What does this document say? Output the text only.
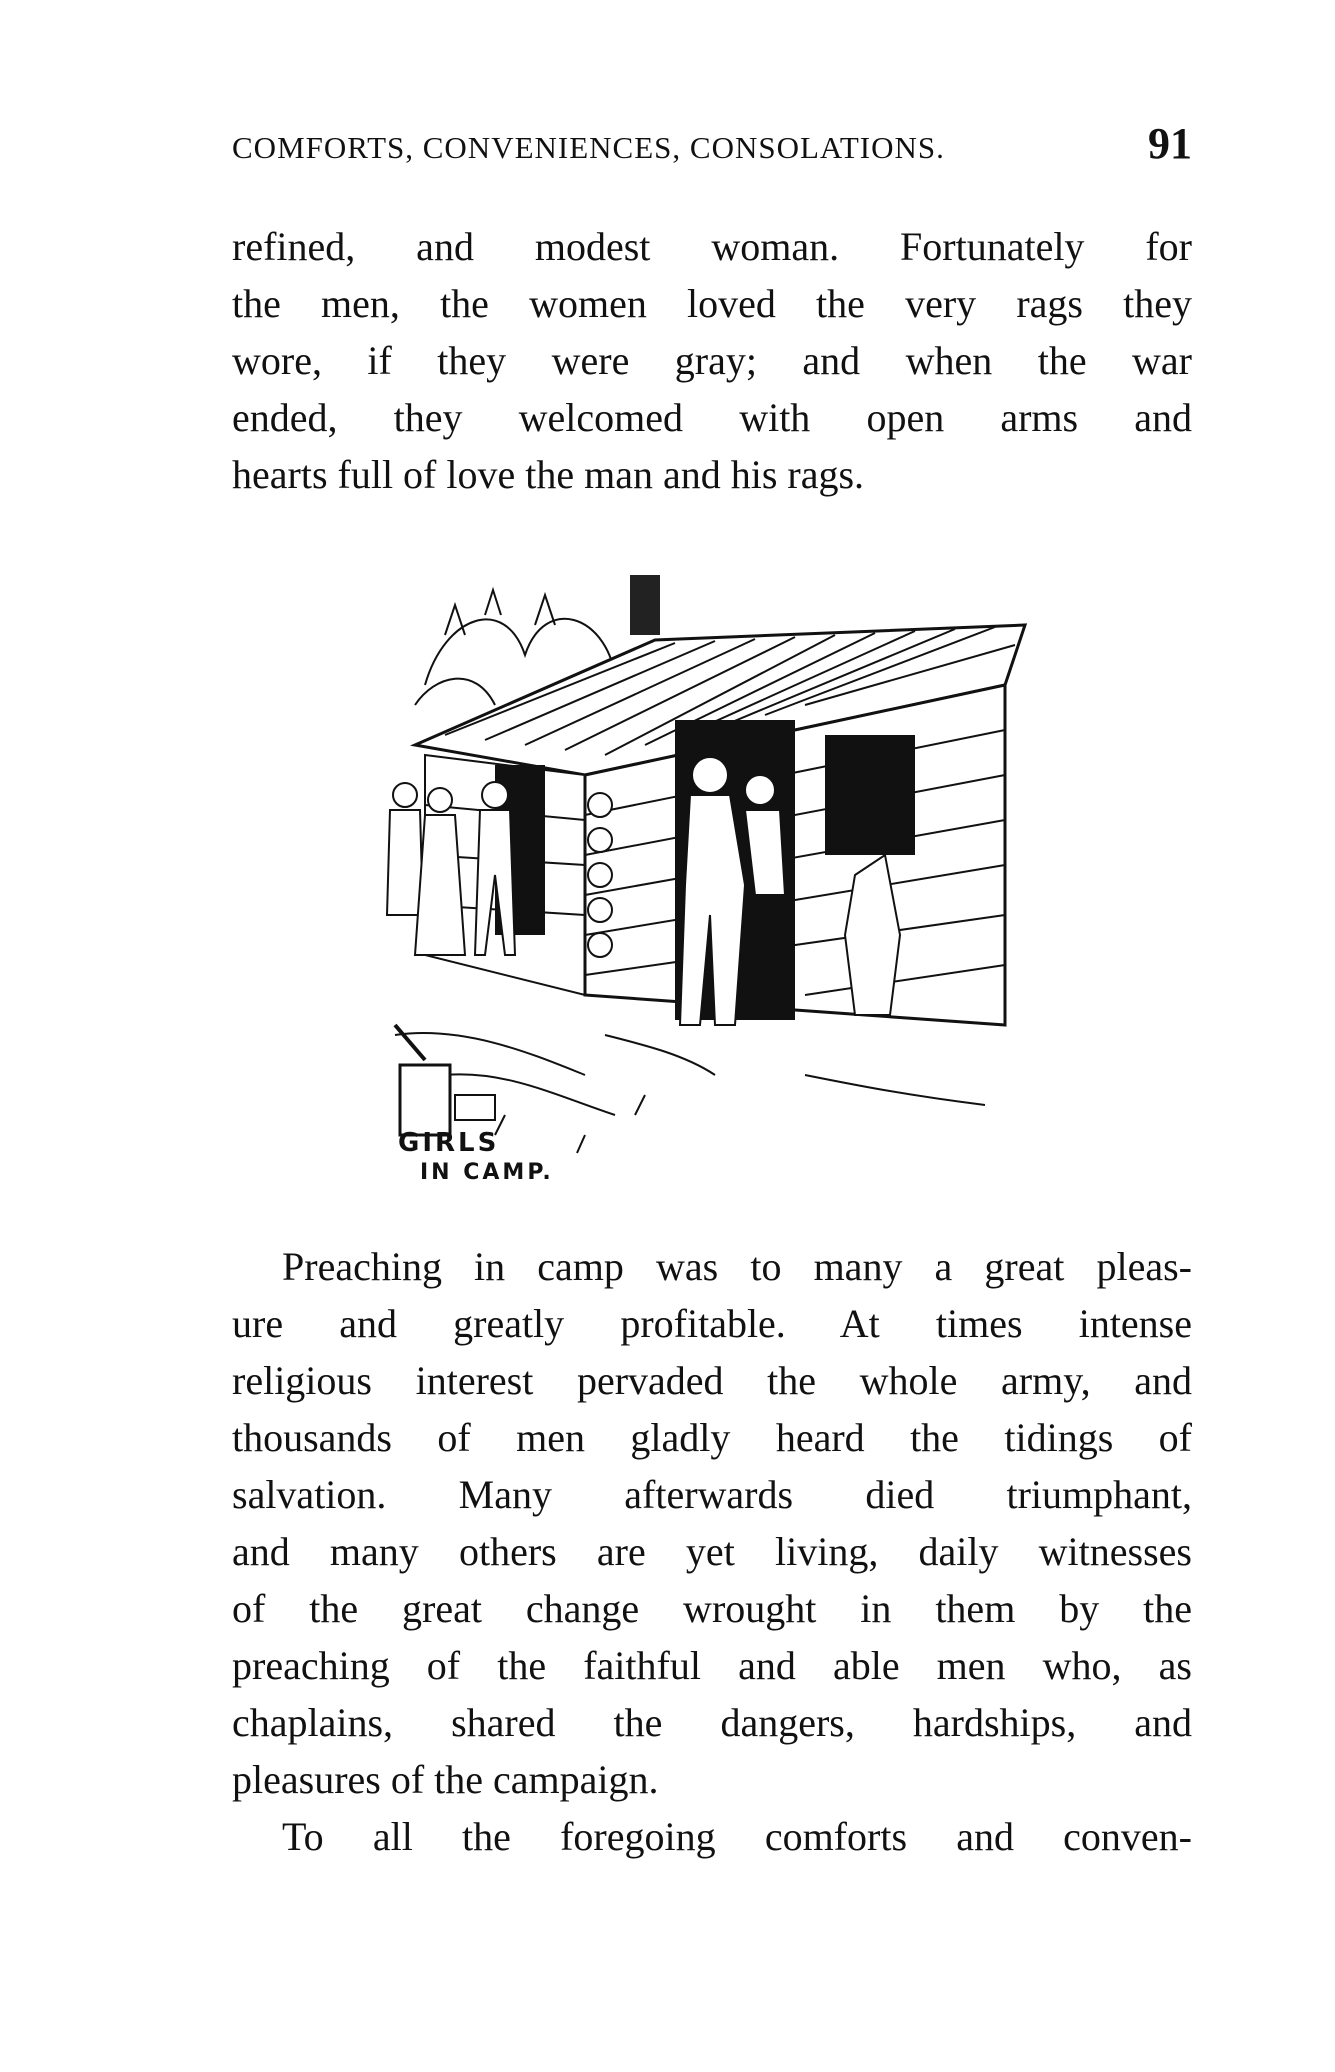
COMFORTS, CONVENIENCES, CONSOLATIONS.	91
refined, and modest woman. Fortunately for
the men, the women loved the very rags they
wore, if they were gray; and when the war
ended, they welcomed with open arms and
hearts full of love the man and his rags.
GIRLS
IN CAMP.
Preaching in camp was to many a great pleas-
ure and greatly profitable. At times intense
religious interest pervaded the whole army, and
thousands of men gladly heard the tidings of
salvation. Many afterwards died triumphant,
and many others are yet living, daily witnesses
of the great change wrought in them by the
preaching of the faithful and able men who, as
chaplains, shared the dangers, hardships, and
pleasures of the campaign.
To all the foregoing comforts and conven-
